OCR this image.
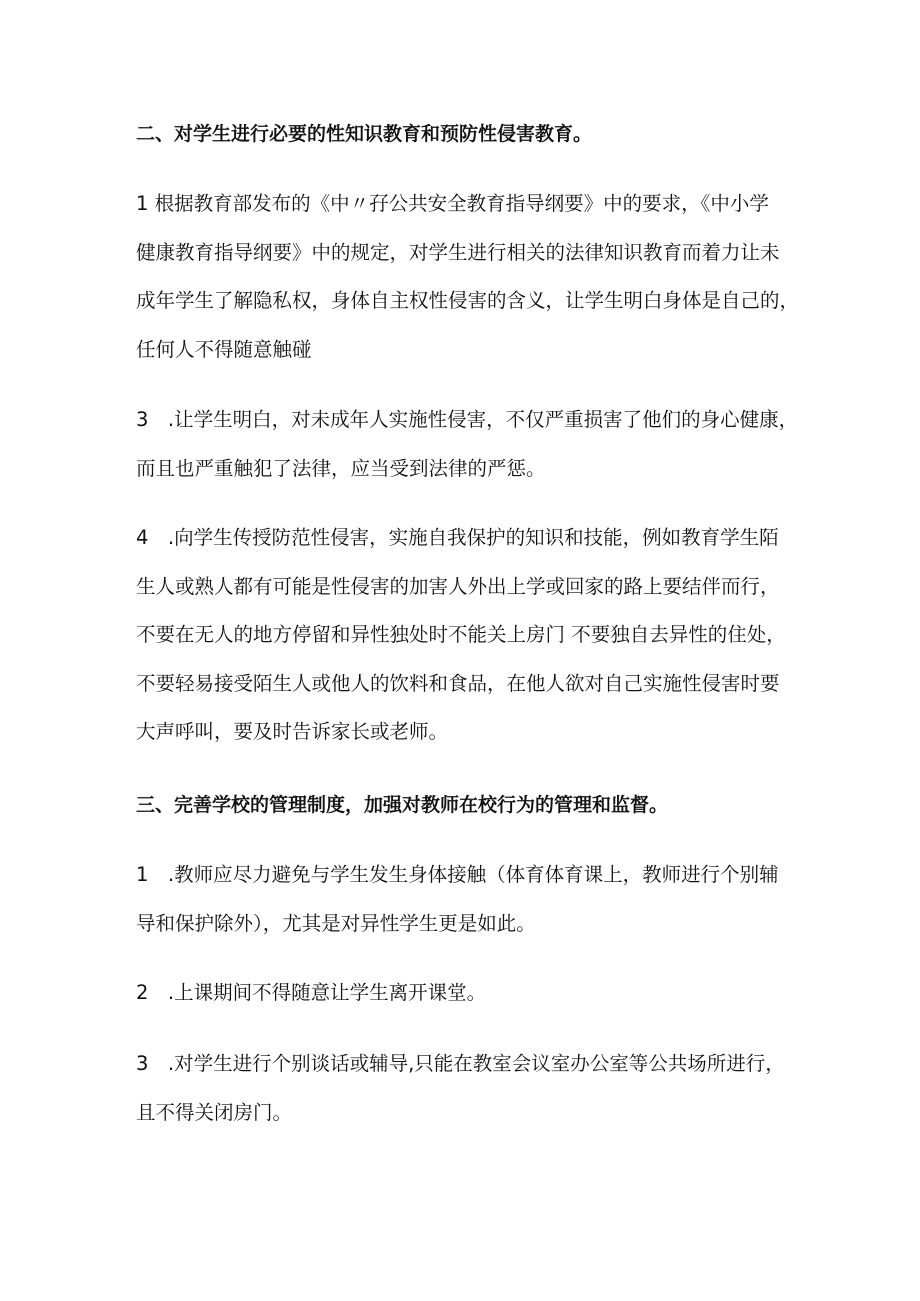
二、对学生进行必要的性知识教育和预防性侵害教育。
1 根据教育部发布的《中〃孖公共安全教育指导纲要》中的要求，《中小学
健康教育指导纲要》中的规定，对学生进行相关的法律知识教育而着力让未
成年学生了解隐私权，身体自主权性侵害的含义，让学生明白身体是自己的，
任何人不得随意触碰
3　.让学生明白，对未成年人实施性侵害，不仅严重损害了他们的身心健康，
而且也严重触犯了法律，应当受到法律的严惩。
4　.向学生传授防范性侵害，实施自我保护的知识和技能，例如教育学生陌
生人或熟人都有可能是性侵害的加害人外出上学或回家的路上要结伴而行，
不要在无人的地方停留和异性独处时不能关上房门 不要独自去异性的住处，
不要轻易接受陌生人或他人的饮料和食品，在他人欲对自己实施性侵害时要
大声呼叫，要及时告诉家长或老师。
三、完善学校的管理制度，加强对教师在校行为的管理和监督。
1　.教师应尽力避免与学生发生身体接触（体育体育课上，教师进行个别辅
导和保护除外），尤其是对异性学生更是如此。
2　.上课期间不得随意让学生离开课堂。
3　.对学生进行个别谈话或辅导,只能在教室会议室办公室等公共场所进行，
且不得关闭房门。
